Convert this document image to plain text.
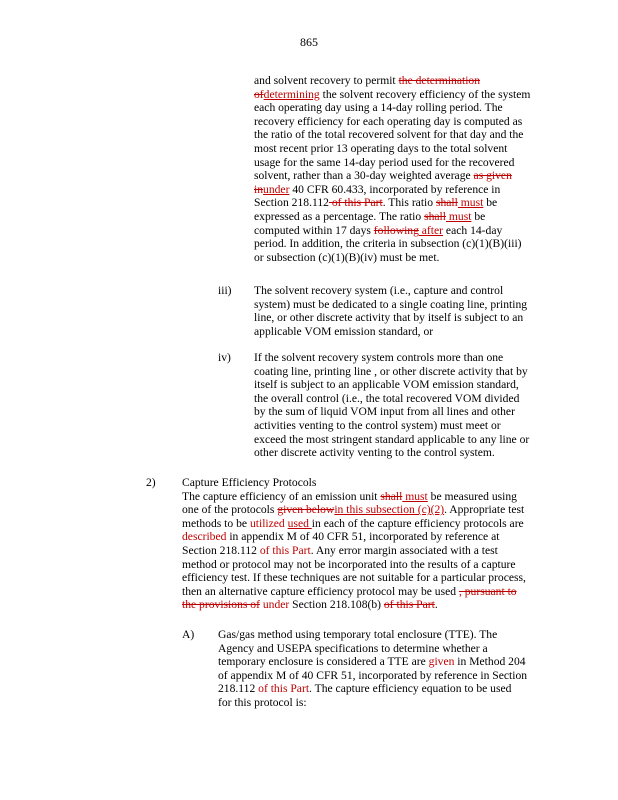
865
and solvent recovery to permit the determination
ofdetermining the solvent recovery efficiency of the system
each operating day using a 14-day rolling period. The
recovery efficiency for each operating day is computed as
the ratio of the total recovered solvent for that day and the
most recent prior 13 operating days to the total solvent
usage for the same 14-day period used for the recovered
solvent, rather than a 30-day weighted average as given
inunder 40 CFR 60.433, incorporated by reference in
Section 218.112 of this Part. This ratio shall must be
expressed as a percentage. The ratio shall must be
computed within 17 days following after each 14-day
period. In addition, the criteria in subsection (c)(1)(B)(iii)
or subsection (c)(1)(B)(iv) must be met.
iii) The solvent recovery system (i.e., capture and control
system) must be dedicated to a single coating line, printing
line, or other discrete activity that by itself is subject to an
applicable VOM emission standard, or
iv) If the solvent recovery system controls more than one
coating line, printing line , or other discrete activity that by
itself is subject to an applicable VOM emission standard,
the overall control (i.e., the total recovered VOM divided
by the sum of liquid VOM input from all lines and other
activities venting to the control system) must meet or
exceed the most stringent standard applicable to any line or
other discrete activity venting to the control system.
2) Capture Efficiency Protocols
The capture efficiency of an emission unit shall must be measured using
one of the protocols given belowin this subsection (c)(2). Appropriate test
methods to be utilized used in each of the capture efficiency protocols are
described in appendix M of 40 CFR 51, incorporated by reference at
Section 218.112 of this Part. Any error margin associated with a test
method or protocol may not be incorporated into the results of a capture
efficiency test. If these techniques are not suitable for a particular process,
then an alternative capture efficiency protocol may be used , pursuant to
the provisions of under Section 218.108(b) of this Part.
A) Gas/gas method using temporary total enclosure (TTE). The
Agency and USEPA specifications to determine whether a
temporary enclosure is considered a TTE are given in Method 204
of appendix M of 40 CFR 51, incorporated by reference in Section
218.112 of this Part. The capture efficiency equation to be used
for this protocol is:
